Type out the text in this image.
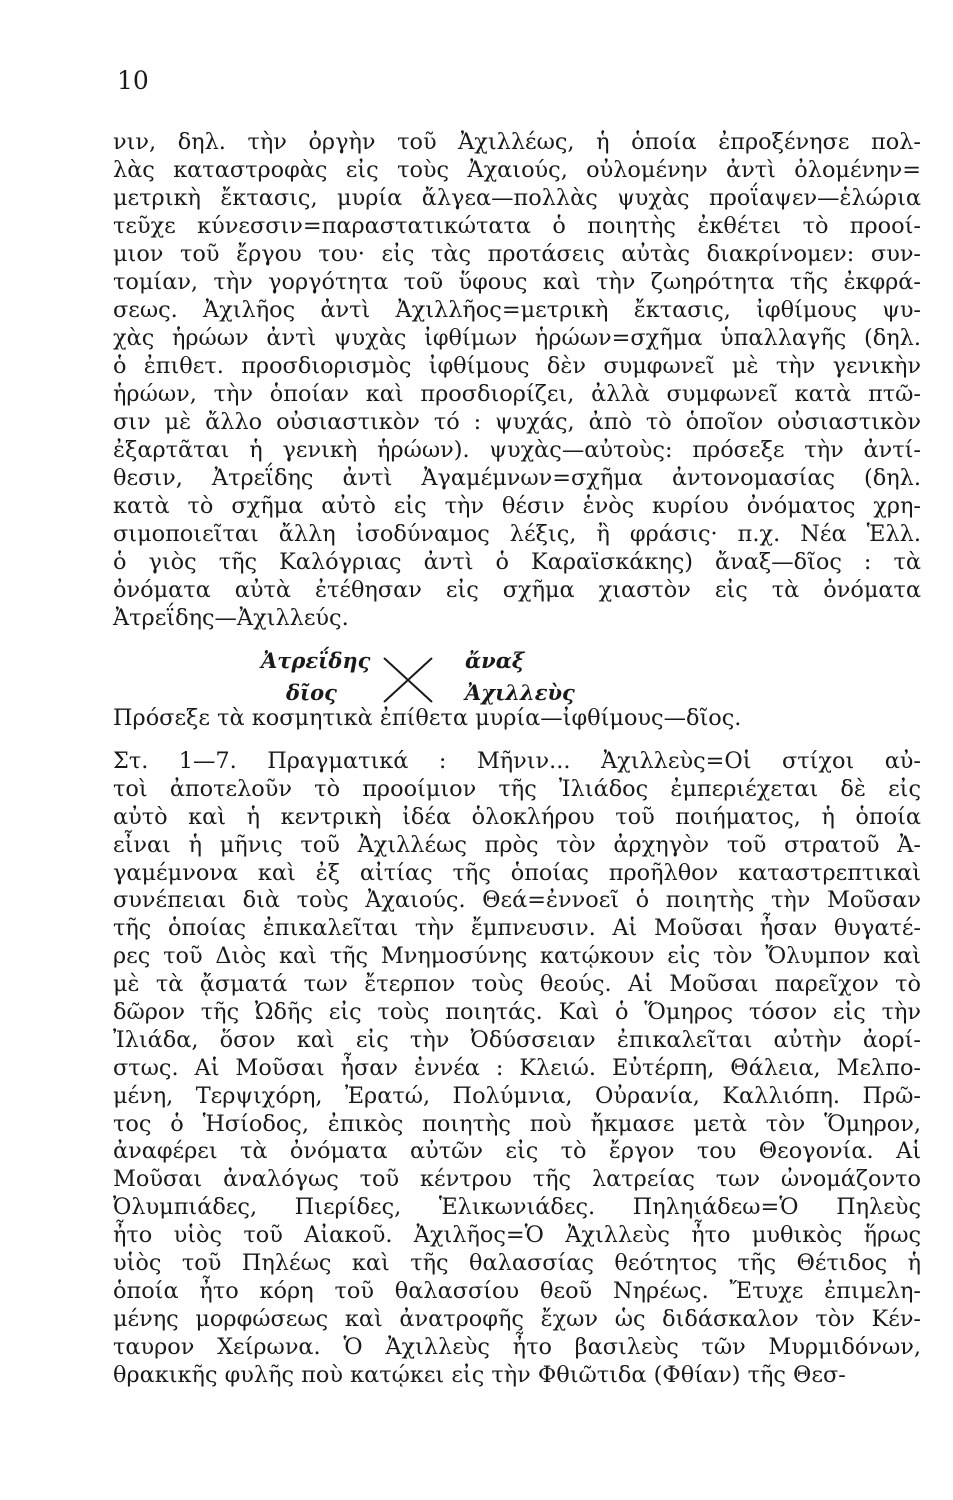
10
νιν, δηλ. τὴν ὀργὴν τοῦ Ἀχιλλέως, ἡ ὁποία ἐπροξένησε πολ-
λὰς καταστροφὰς εἰς τοὺς Ἀχαιούς, οὐλομένην ἀντὶ ὀλομένην=
μετρικὴ ἔκτασις, μυρία ἄλγεα—πολλὰς ψυχὰς προΐαψεν—ἑλώρια
τεῦχε κύνεσσιν=παραστατικώτατα ὁ ποιητὴς ἐκθέτει τὸ προοί-
μιον τοῦ ἔργου του· εἰς τὰς προτάσεις αὐτὰς διακρίνομεν: συν-
τομίαν, τὴν γοργότητα τοῦ ὕφους καὶ τὴν ζωηρότητα τῆς ἐκφρά-
σεως. Ἀχιλῆος ἀντὶ Ἀχιλλῆος=μετρικὴ ἔκτασις, ἰφθίμους ψυ-
χὰς ἡρώων ἀντὶ ψυχὰς ἰφθίμων ἡρώων=σχῆμα ὑπαλλαγῆς (δηλ.
ὁ ἐπιθετ. προσδιορισμὸς ἰφθίμους δὲν συμφωνεῖ μὲ τὴν γενικὴν
ἡρώων, τὴν ὁποίαν καὶ προσδιορίζει, ἀλλὰ συμφωνεῖ κατὰ πτῶ-
σιν μὲ ἄλλο οὐσιαστικὸν τό : ψυχάς, ἀπὸ τὸ ὁποῖον οὐσιαστικὸν
ἐξαρτᾶται ἡ γενικὴ ἡρώων). ψυχὰς—αὐτοὺς: πρόσεξε τὴν ἀντί-
θεσιν, Ἀτρεΐδης ἀντὶ Ἀγαμέμνων=σχῆμα ἀντονομασίας (δηλ.
κατὰ τὸ σχῆμα αὐτὸ εἰς τὴν θέσιν ἑνὸς κυρίου ὀνόματος χρη-
σιμοποιεῖται ἄλλη ἰσοδύναμος λέξις, ἢ φράσις· π.χ. Νέα Ἑλλ.
ὁ γιὸς τῆς Καλόγριας ἀντὶ ὁ Καραϊσκάκης) ἄναξ—δῖος : τὰ
ὀνόματα αὐτὰ ἐτέθησαν εἰς σχῆμα χιαστὸν εἰς τὰ ὀνόματα
Ἀτρεΐδης—Ἀχιλλεύς.
Ἀτρεΐδης
δῖος
ἄναξ
Ἀχιλλεὺς
Πρόσεξε τὰ κοσμητικὰ ἐπίθετα μυρία—ἰφθίμους—δῖος.
Στ. 1—7. Πραγματικά : Μῆνιν... Ἀχιλλεὺς=Οἱ στίχοι αὐ-
τοὶ ἀποτελοῦν τὸ προοίμιον τῆς Ἰλιάδος ἐμπεριέχεται δὲ εἰς
αὐτὸ καὶ ἡ κεντρικὴ ἰδέα ὁλοκλήρου τοῦ ποιήματος, ἡ ὁποία
εἶναι ἡ μῆνις τοῦ Ἀχιλλέως πρὸς τὸν ἀρχηγὸν τοῦ στρατοῦ Ἀ-
γαμέμνονα καὶ ἐξ αἰτίας τῆς ὁποίας προῆλθον καταστρεπτικαὶ
συνέπειαι διὰ τοὺς Ἀχαιούς. Θεά=ἐννοεῖ ὁ ποιητὴς τὴν Μοῦσαν
τῆς ὁποίας ἐπικαλεῖται τὴν ἔμπνευσιν. Αἱ Μοῦσαι ἦσαν θυγατέ-
ρες τοῦ Διὸς καὶ τῆς Μνημοσύνης κατῴκουν εἰς τὸν Ὄλυμπον καὶ
μὲ τὰ ᾄσματά των ἔτερπον τοὺς θεούς. Αἱ Μοῦσαι παρεῖχον τὸ
δῶρον τῆς Ὠδῆς εἰς τοὺς ποιητάς. Καὶ ὁ Ὅμηρος τόσον εἰς τὴν
Ἰλιάδα, ὅσον καὶ εἰς τὴν Ὀδύσσειαν ἐπικαλεῖται αὐτὴν ἀορί-
στως. Αἱ Μοῦσαι ἦσαν ἐννέα : Κλειώ. Εὐτέρπη, Θάλεια, Μελπο-
μένη, Τερψιχόρη, Ἐρατώ, Πολύμνια, Οὐρανία, Καλλιόπη. Πρῶ-
τος ὁ Ἡσίοδος, ἐπικὸς ποιητὴς ποὺ ἤκμασε μετὰ τὸν Ὅμηρον,
ἀναφέρει τὰ ὀνόματα αὐτῶν εἰς τὸ ἔργον του Θεογονία. Αἱ
Μοῦσαι ἀναλόγως τοῦ κέντρου τῆς λατρείας των ὠνομάζοντο
Ὀλυμπιάδες, Πιερίδες, Ἑλικωνιάδες. Πηληιάδεω=Ὁ Πηλεὺς
ἦτο υἱὸς τοῦ Αἰακοῦ. Ἀχιλῆος=Ὁ Ἀχιλλεὺς ἦτο μυθικὸς ἥρως
υἱὸς τοῦ Πηλέως καὶ τῆς θαλασσίας θεότητος τῆς Θέτιδος ἡ
ὁποία ἦτο κόρη τοῦ θαλασσίου θεοῦ Νηρέως. Ἔτυχε ἐπιμελη-
μένης μορφώσεως καὶ ἀνατροφῆς ἔχων ὡς διδάσκαλον τὸν Κέν-
ταυρον Χείρωνα. Ὁ Ἀχιλλεὺς ἦτο βασιλεὺς τῶν Μυρμιδόνων,
θρακικῆς φυλῆς ποὺ κατῴκει εἰς τὴν Φθιῶτιδα (Φθίαν) τῆς Θεσ-
